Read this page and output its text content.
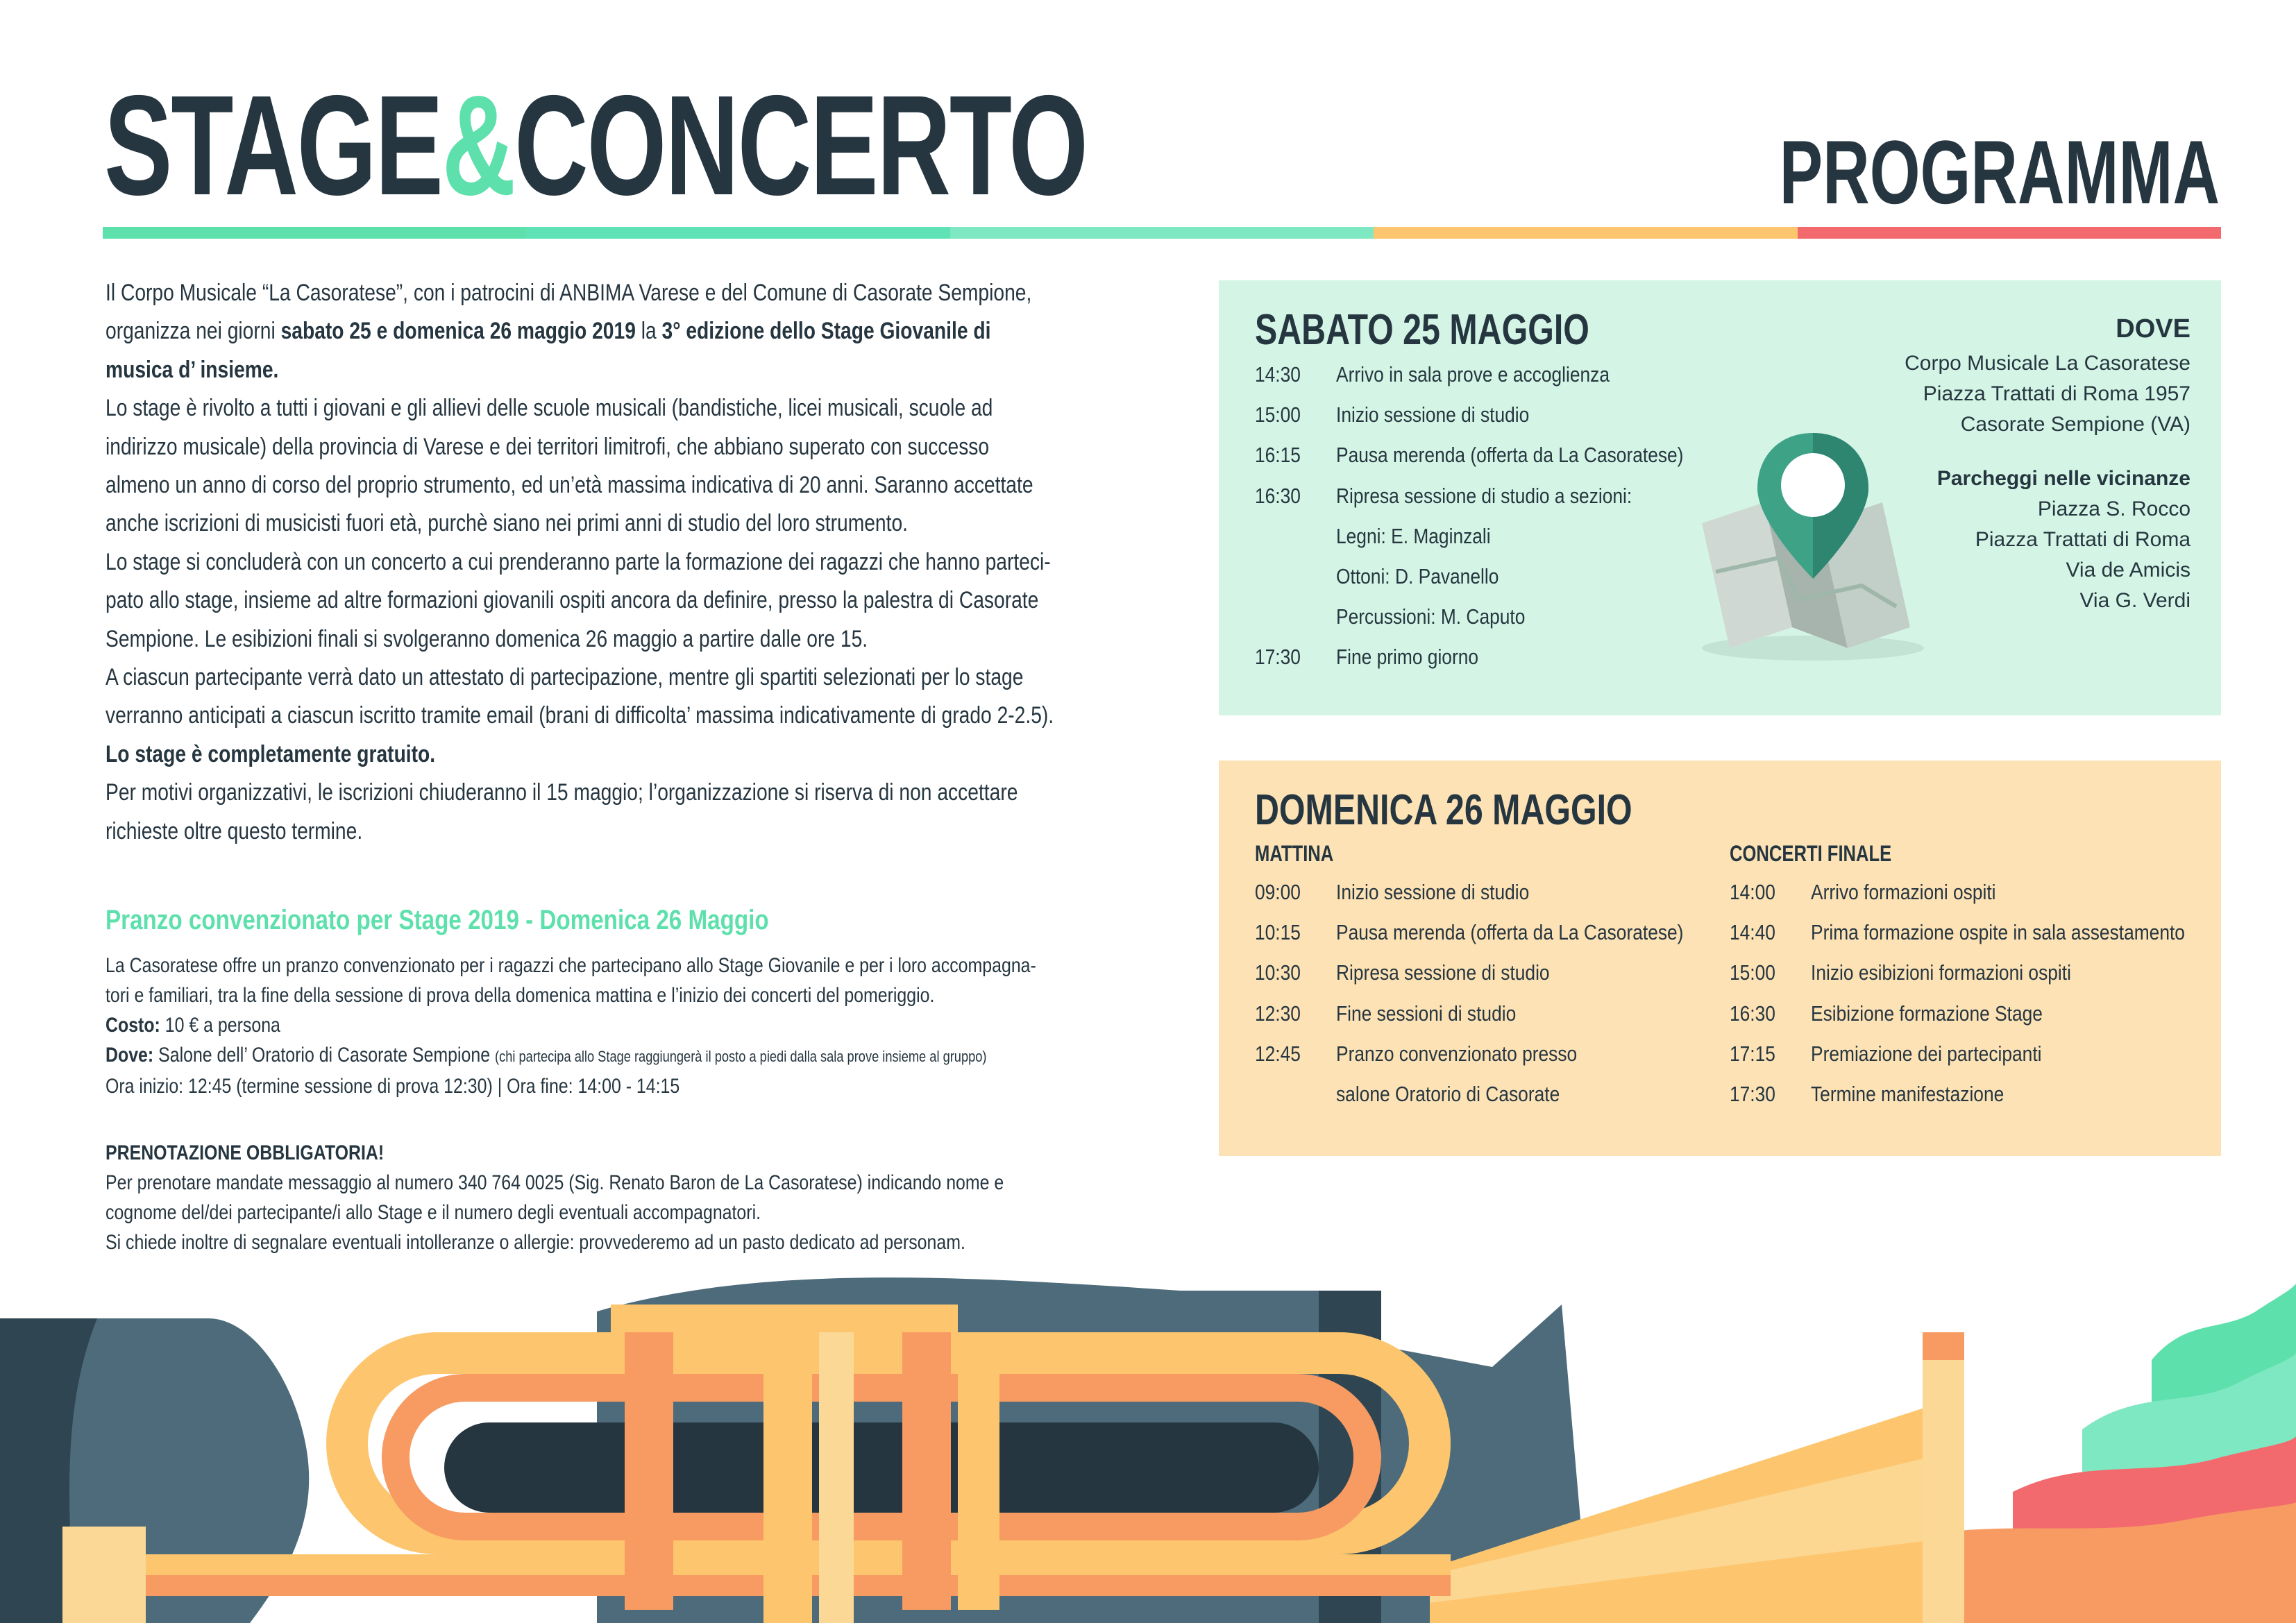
STAGE&CONCERTO	PROGRAMMA

Il Corpo Musicale “La Casoratese”, con i patrocini di ANBIMA Varese e del Comune di Casorate Sempione, organizza nei giorni sabato 25 e domenica 26 maggio 2019 la 3° edizione dello Stage Giovanile di musica d’ insieme.

Lo stage è rivolto a tutti i giovani e gli allievi delle scuole musicali (bandistiche, licei musicali, scuole ad indirizzo musicale) della provincia di Varese e dei territori limitrofi, che abbiano superato con successo almeno un anno di corso del proprio strumento, ed un’età massima indicativa di 20 anni. Saranno accettate anche iscrizioni di musicisti fuori età, purchè siano nei primi anni di studio del loro strumento.

Lo stage si concluderà con un concerto a cui prenderanno parte la formazione dei ragazzi che hanno parteci-pato allo stage, insieme ad altre formazioni giovanili ospiti ancora da definire, presso la palestra di Casorate Sempione. Le esibizioni finali si svolgeranno domenica 26 maggio a partire dalle ore 15.

A ciascun partecipante verrà dato un attestato di partecipazione, mentre gli spartiti selezionati per lo stage verranno anticipati a ciascun iscritto tramite email (brani di difficolta’ massima indicativamente di grado 2-2.5).

Lo stage è completamente gratuito.

Per motivi organizzativi, le iscrizioni chiuderanno il 15 maggio; l’organizzazione si riserva di non accettare richieste oltre questo termine.

Pranzo convenzionato per Stage 2019 - Domenica 26 Maggio

La Casoratese offre un pranzo convenzionato per i ragazzi che partecipano allo Stage Giovanile e per i loro accompagna-tori e familiari, tra la fine della sessione di prova della domenica mattina e l’inizio dei concerti del pomeriggio.

Costo: 10 € a persona

Dove: Salone dell’ Oratorio di Casorate Sempione (chi partecipa allo Stage raggiungerà il posto a piedi dalla sala prove insieme al gruppo)

Ora inizio: 12:45 (termine sessione di prova 12:30) | Ora fine: 14:00 - 14:15

PRENOTAZIONE OBBLIGATORIA!

Per prenotare mandate messaggio al numero 340 764 0025 (Sig. Renato Baron de La Casoratese) indicando nome e cognome del/dei partecipante/i allo Stage e il numero degli eventuali accompagnatori.

Si chiede inoltre di segnalare eventuali intolleranze o allergie: provvederemo ad un pasto dedicato ad personam.

SABATO 25 MAGGIO
14:30	Arrivo in sala prove e accoglienza
15:00	Inizio sessione di studio
16:15	Pausa merenda (offerta da La Casoratese)
16:30	Ripresa sessione di studio a sezioni:
Legni: E. Maginzali
Ottoni: D. Pavanello
Percussioni: M. Caputo
17:30	Fine primo giorno
DOVE
Corpo Musicale La Casoratese
Piazza Trattati di Roma 1957
Casorate Sempione (VA)
Parcheggi nelle vicinanze
Piazza S. Rocco
Piazza Trattati di Roma
Via de Amicis
Via G. Verdi
DOMENICA 26 MAGGIO
MATTINA	CONCERTI FINALE
09:00	Inizio sessione di studio
10:15	Pausa merenda (offerta da La Casoratese)
10:30	Ripresa sessione di studio
12:30	Fine sessioni di studio
12:45	Pranzo convenzionato presso
salone Oratorio di Casorate
14:00	Arrivo formazioni ospiti
14:40	Prima formazione ospite in sala assestamento
15:00	Inizio esibizioni formazioni ospiti
16:30	Esibizione formazione Stage
17:15	Premiazione dei partecipanti
17:30	Termine manifestazione
